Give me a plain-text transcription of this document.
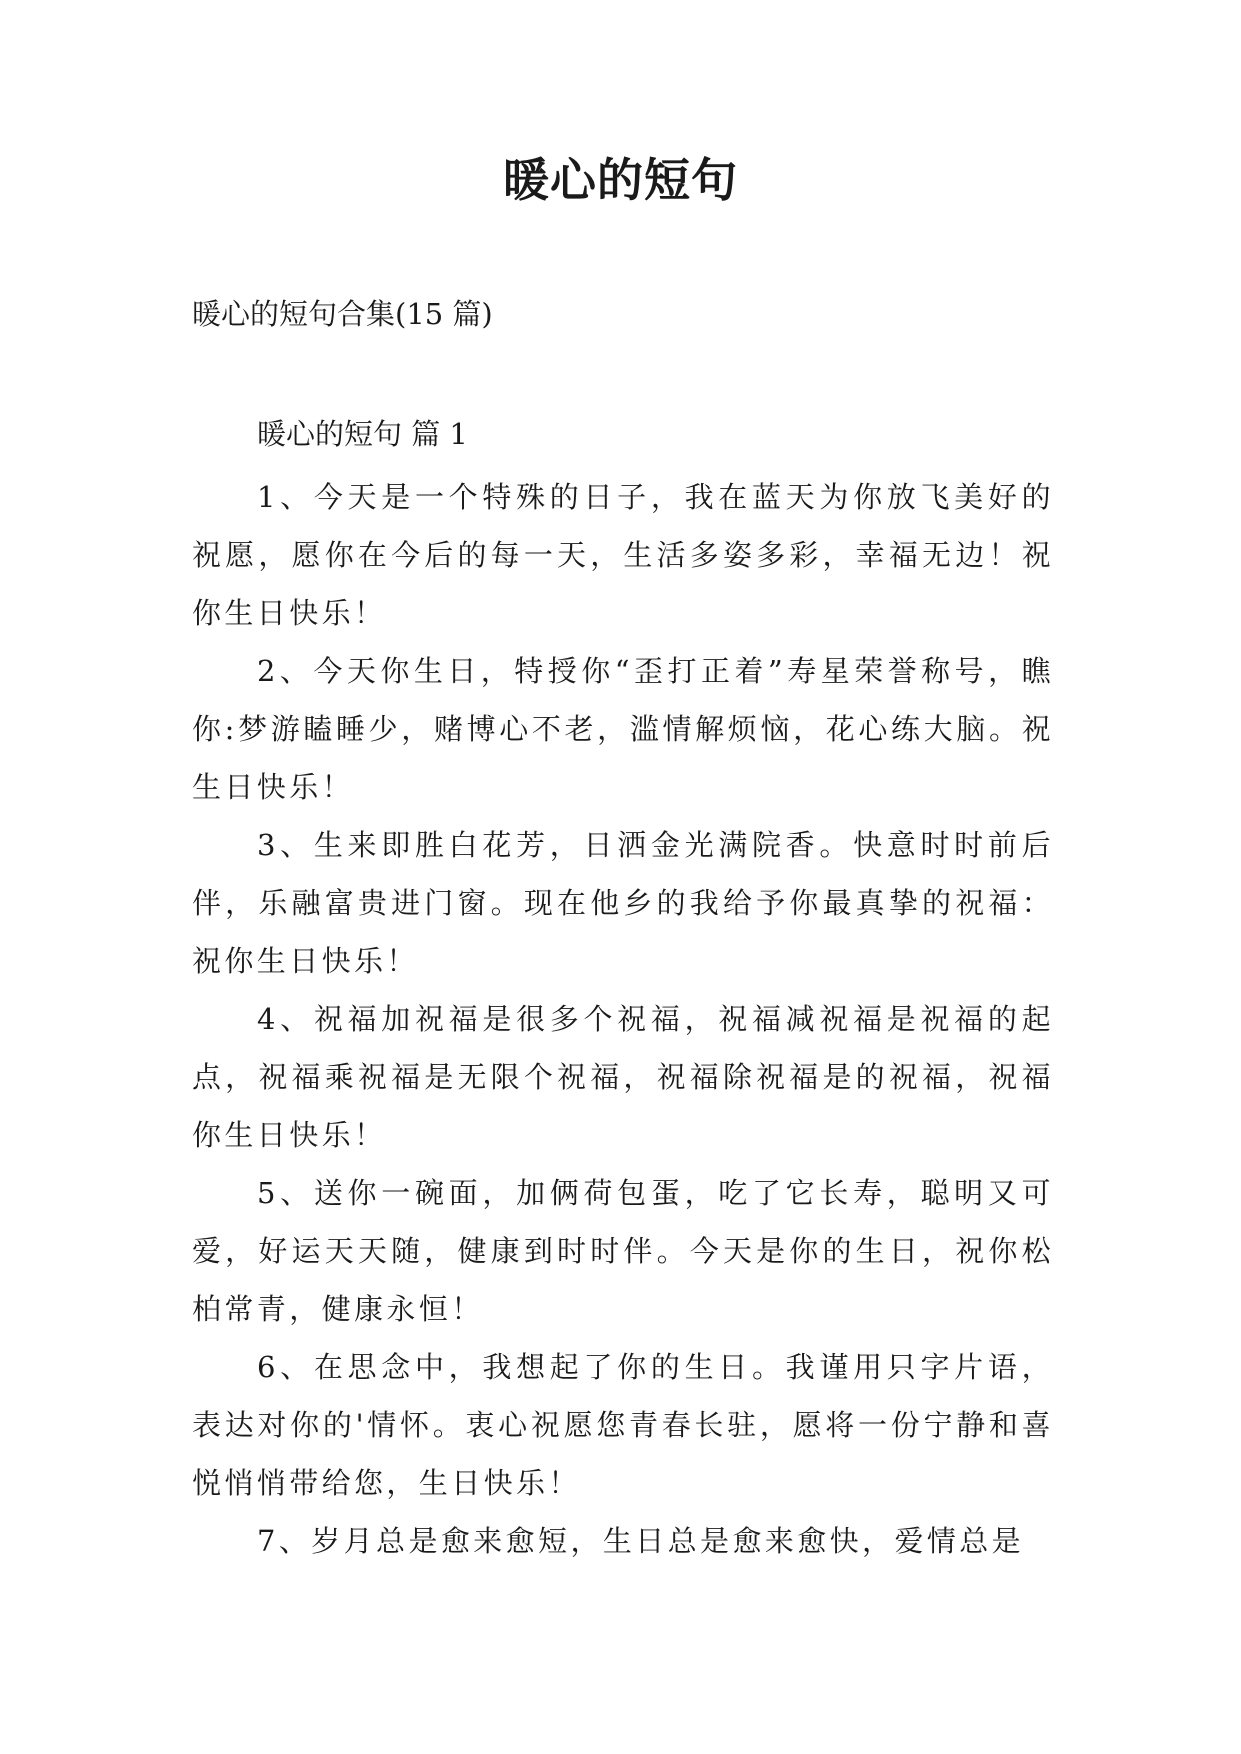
暖心的短句

暖心的短句合集(15 篇)

暖心的短句 篇 1

1、今天是一个特殊的日子，我在蓝天为你放飞美好的祝愿，愿你在今后的每一天，生活多姿多彩，幸福无边！祝你生日快乐！

2、今天你生日，特授你“歪打正着”寿星荣誉称号，瞧你:梦游瞌睡少，赌博心不老，滥情解烦恼，花心练大脑。祝生日快乐！

3、生来即胜白花芳，日洒金光满院香。快意时时前后伴，乐融富贵进门窗。现在他乡的我给予你最真挚的祝福：祝你生日快乐！

4、祝福加祝福是很多个祝福，祝福减祝福是祝福的起点，祝福乘祝福是无限个祝福，祝福除祝福是的祝福，祝福你生日快乐！

5、送你一碗面，加俩荷包蛋，吃了它长寿，聪明又可爱，好运天天随，健康到时时伴。今天是你的生日，祝你松柏常青，健康永恒！

6、在思念中，我想起了你的生日。我谨用只字片语，表达对你的'情怀。衷心祝愿您青春长驻，愿将一份宁静和喜悦悄悄带给您，生日快乐！

7、岁月总是愈来愈短，生日总是愈来愈快，爱情总是
